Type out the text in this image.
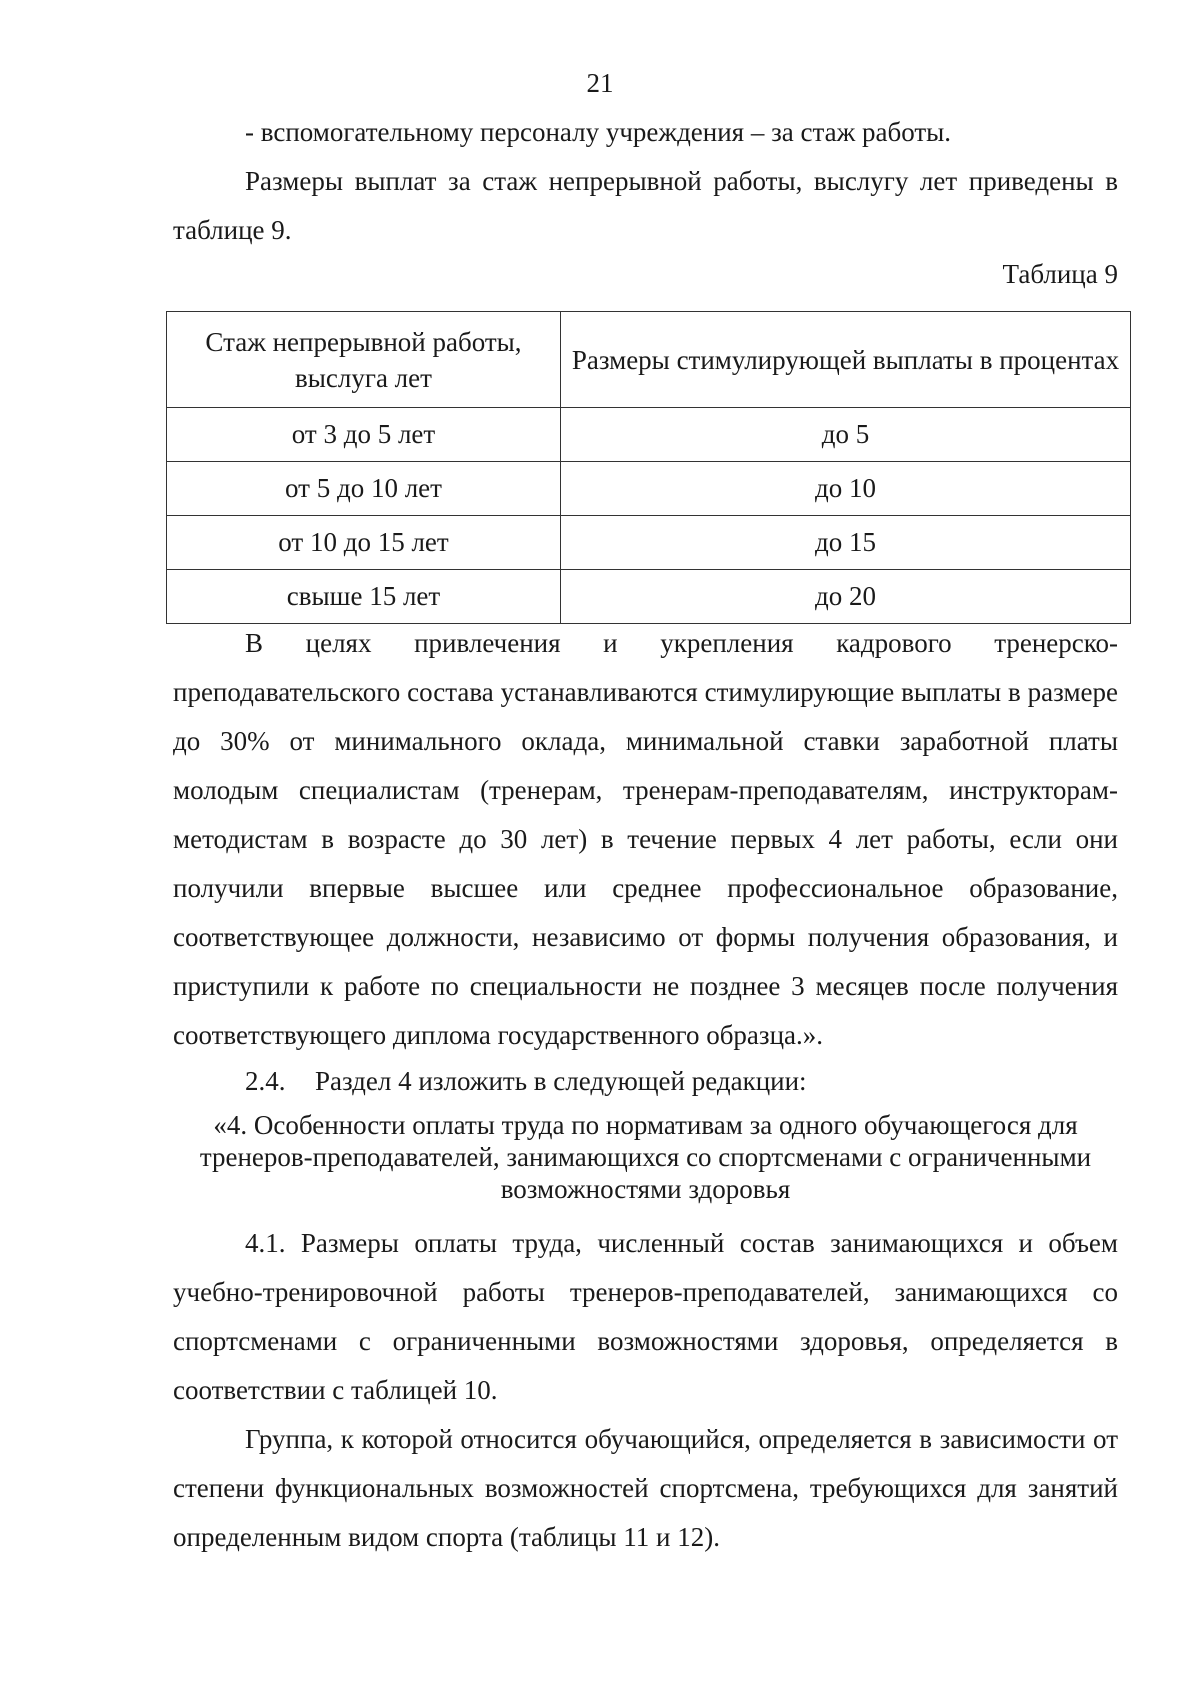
21

- вспомогательному персоналу учреждения – за стаж работы.

Размеры выплат за стаж непрерывной работы, выслугу лет приведены в таблице 9.

Таблица 9
Стаж непрерывной работы, выслуга лет	Размеры стимулирующей выплаты в процентах
от 3 до 5 лет	до 5
от 5 до 10 лет	до 10
от 10 до 15 лет	до 15
свыше 15 лет	до 20

В целях привлечения и укрепления кадрового тренерско-преподавательского состава устанавливаются стимулирующие выплаты в размере до 30% от минимального оклада, минимальной ставки заработной платы молодым специалистам (тренерам, тренерам-преподавателям, инструкторам-методистам в возрасте до 30 лет) в течение первых 4 лет работы, если они получили впервые высшее или среднее профессиональное образование, соответствующее должности, независимо от формы получения образования, и приступили к работе по специальности не позднее 3 месяцев после получения соответствующего диплома государственного образца.».

2.4. Раздел 4 изложить в следующей редакции:

«4. Особенности оплаты труда по нормативам за одного обучающегося для тренеров-преподавателей, занимающихся со спортсменами с ограниченными возможностями здоровья

4.1. Размеры оплаты труда, численный состав занимающихся и объем учебно-тренировочной работы тренеров-преподавателей, занимающихся со спортсменами с ограниченными возможностями здоровья, определяется в соответствии с таблицей 10.

Группа, к которой относится обучающийся, определяется в зависимости от степени функциональных возможностей спортсмена, требующихся для занятий определенным видом спорта (таблицы 11 и 12).
